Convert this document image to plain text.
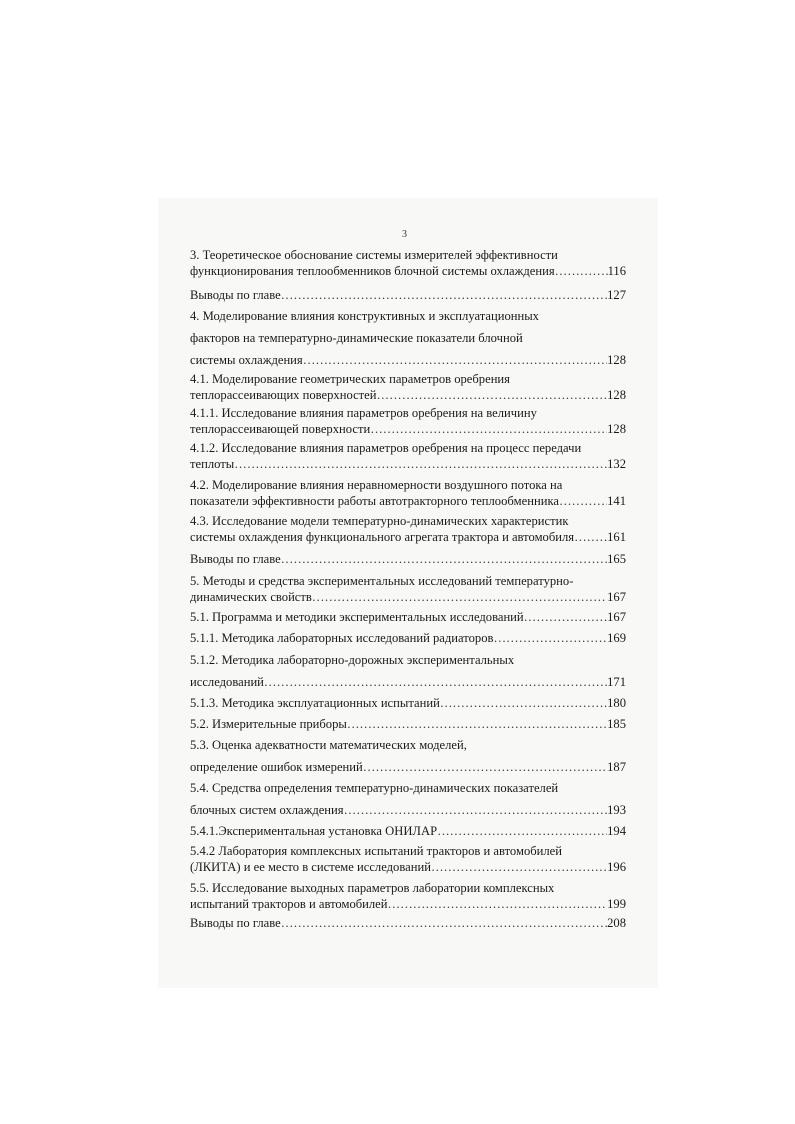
3
3. Теоретическое обоснование системы измерителей эффективности
функционирования теплообменников блочной системы охлаждения ……………………………………………………………………………………………………………………………………………………	116
Выводы по главе ……………………………………………………………………………………………………………………………………………………	127
4. Моделирование влияния конструктивных и эксплуатационных
факторов на температурно-динамические показатели блочной
системы охлаждения ……………………………………………………………………………………………………………………………………………………	128
4.1. Моделирование геометрических параметров оребрения
теплорассеивающих поверхностей ……………………………………………………………………………………………………………………………………………………	128
4.1.1. Исследование влияния параметров оребрения на величину
теплорассеивающей поверхности ……………………………………………………………………………………………………………………………………………………	128
4.1.2. Исследование влияния параметров оребрения на процесс передачи
теплоты ……………………………………………………………………………………………………………………………………………………	132
4.2. Моделирование влияния неравномерности воздушного потока на
показатели эффективности работы автотракторного теплообменника ……………………………………………………………………………………………………………………………………………………	141
4.3. Исследование модели температурно-динамических характеристик
системы охлаждения функционального агрегата трактора и автомобиля ……………………………………………………………………………………………………………………………………………………	161
Выводы по главе ……………………………………………………………………………………………………………………………………………………	165
5. Методы и средства экспериментальных исследований температурно-
динамических свойств ……………………………………………………………………………………………………………………………………………………	167
5.1. Программа и методики экспериментальных исследований ……………………………………………………………………………………………………………………………………………………	167
5.1.1. Методика лабораторных исследований радиаторов ……………………………………………………………………………………………………………………………………………………	169
5.1.2. Методика лабораторно-дорожных экспериментальных
исследований ……………………………………………………………………………………………………………………………………………………	171
5.1.3. Методика эксплуатационных испытаний ……………………………………………………………………………………………………………………………………………………	180
5.2. Измерительные приборы ……………………………………………………………………………………………………………………………………………………	185
5.3. Оценка адекватности математических моделей,
определение ошибок измерений ……………………………………………………………………………………………………………………………………………………	187
5.4. Средства определения температурно-динамических показателей
блочных систем охлаждения ……………………………………………………………………………………………………………………………………………………	193
5.4.1.Экспериментальная установка ОНИЛАР ……………………………………………………………………………………………………………………………………………………	194
5.4.2 Лаборатория комплексных испытаний тракторов и автомобилей
(ЛКИТА) и ее место в системе исследований ……………………………………………………………………………………………………………………………………………………	196
5.5. Исследование выходных параметров лаборатории комплексных
испытаний тракторов и автомобилей ……………………………………………………………………………………………………………………………………………………	199
Выводы по главе ……………………………………………………………………………………………………………………………………………………	208
